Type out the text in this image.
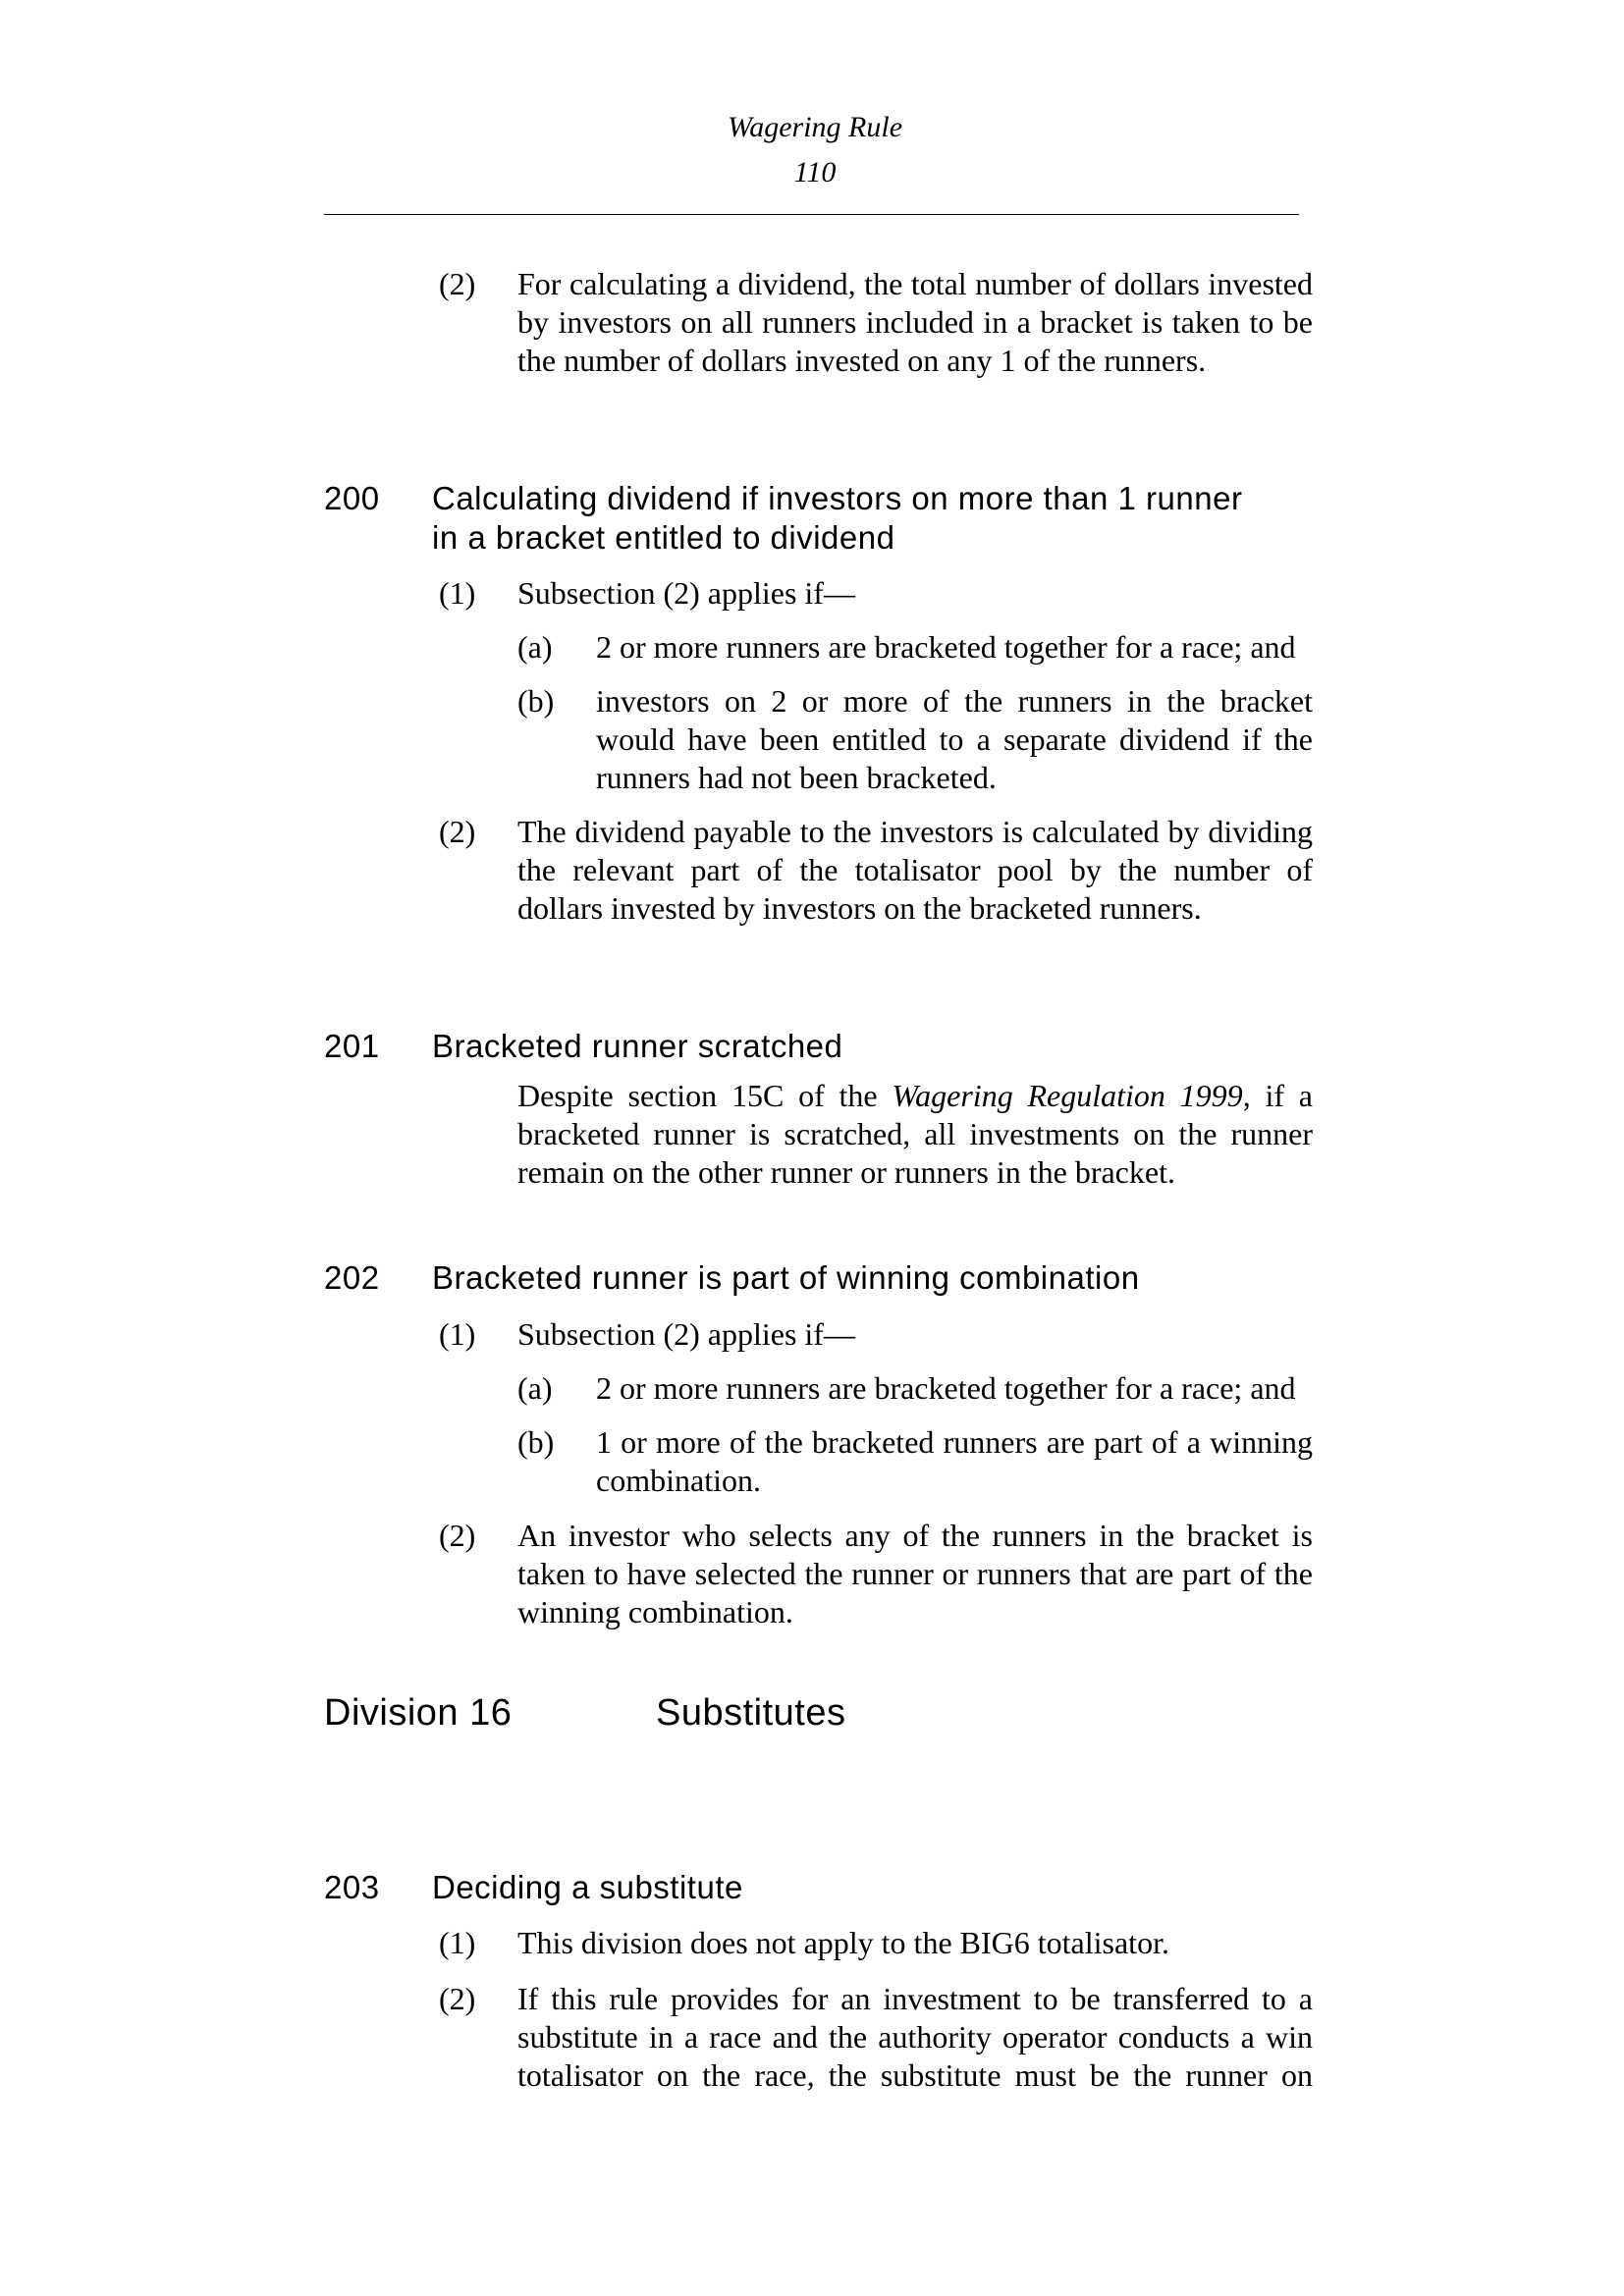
Wagering Rule
110
(2) For calculating a dividend, the total number of dollars invested by investors on all runners included in a bracket is taken to be the number of dollars invested on any 1 of the runners.
200 Calculating dividend if investors on more than 1 runner
in a bracket entitled to dividend
(1) Subsection (2) applies if—
(a) 2 or more runners are bracketed together for a race; and
(b) investors on 2 or more of the runners in the bracket would have been entitled to a separate dividend if the runners had not been bracketed.
(2) The dividend payable to the investors is calculated by dividing the relevant part of the totalisator pool by the number of dollars invested by investors on the bracketed runners.
201 Bracketed runner scratched
Despite section 15C of the Wagering Regulation 1999, if a bracketed runner is scratched, all investments on the runner remain on the other runner or runners in the bracket.
202 Bracketed runner is part of winning combination
(1) Subsection (2) applies if—
(a) 2 or more runners are bracketed together for a race; and
(b) 1 or more of the bracketed runners are part of a winning combination.
(2) An investor who selects any of the runners in the bracket is taken to have selected the runner or runners that are part of the winning combination.
Division 16	Substitutes
203 Deciding a substitute
(1) This division does not apply to the BIG6 totalisator.
(2) If this rule provides for an investment to be transferred to a substitute in a race and the authority operator conducts a win totalisator on the race, the substitute must be the runner on
